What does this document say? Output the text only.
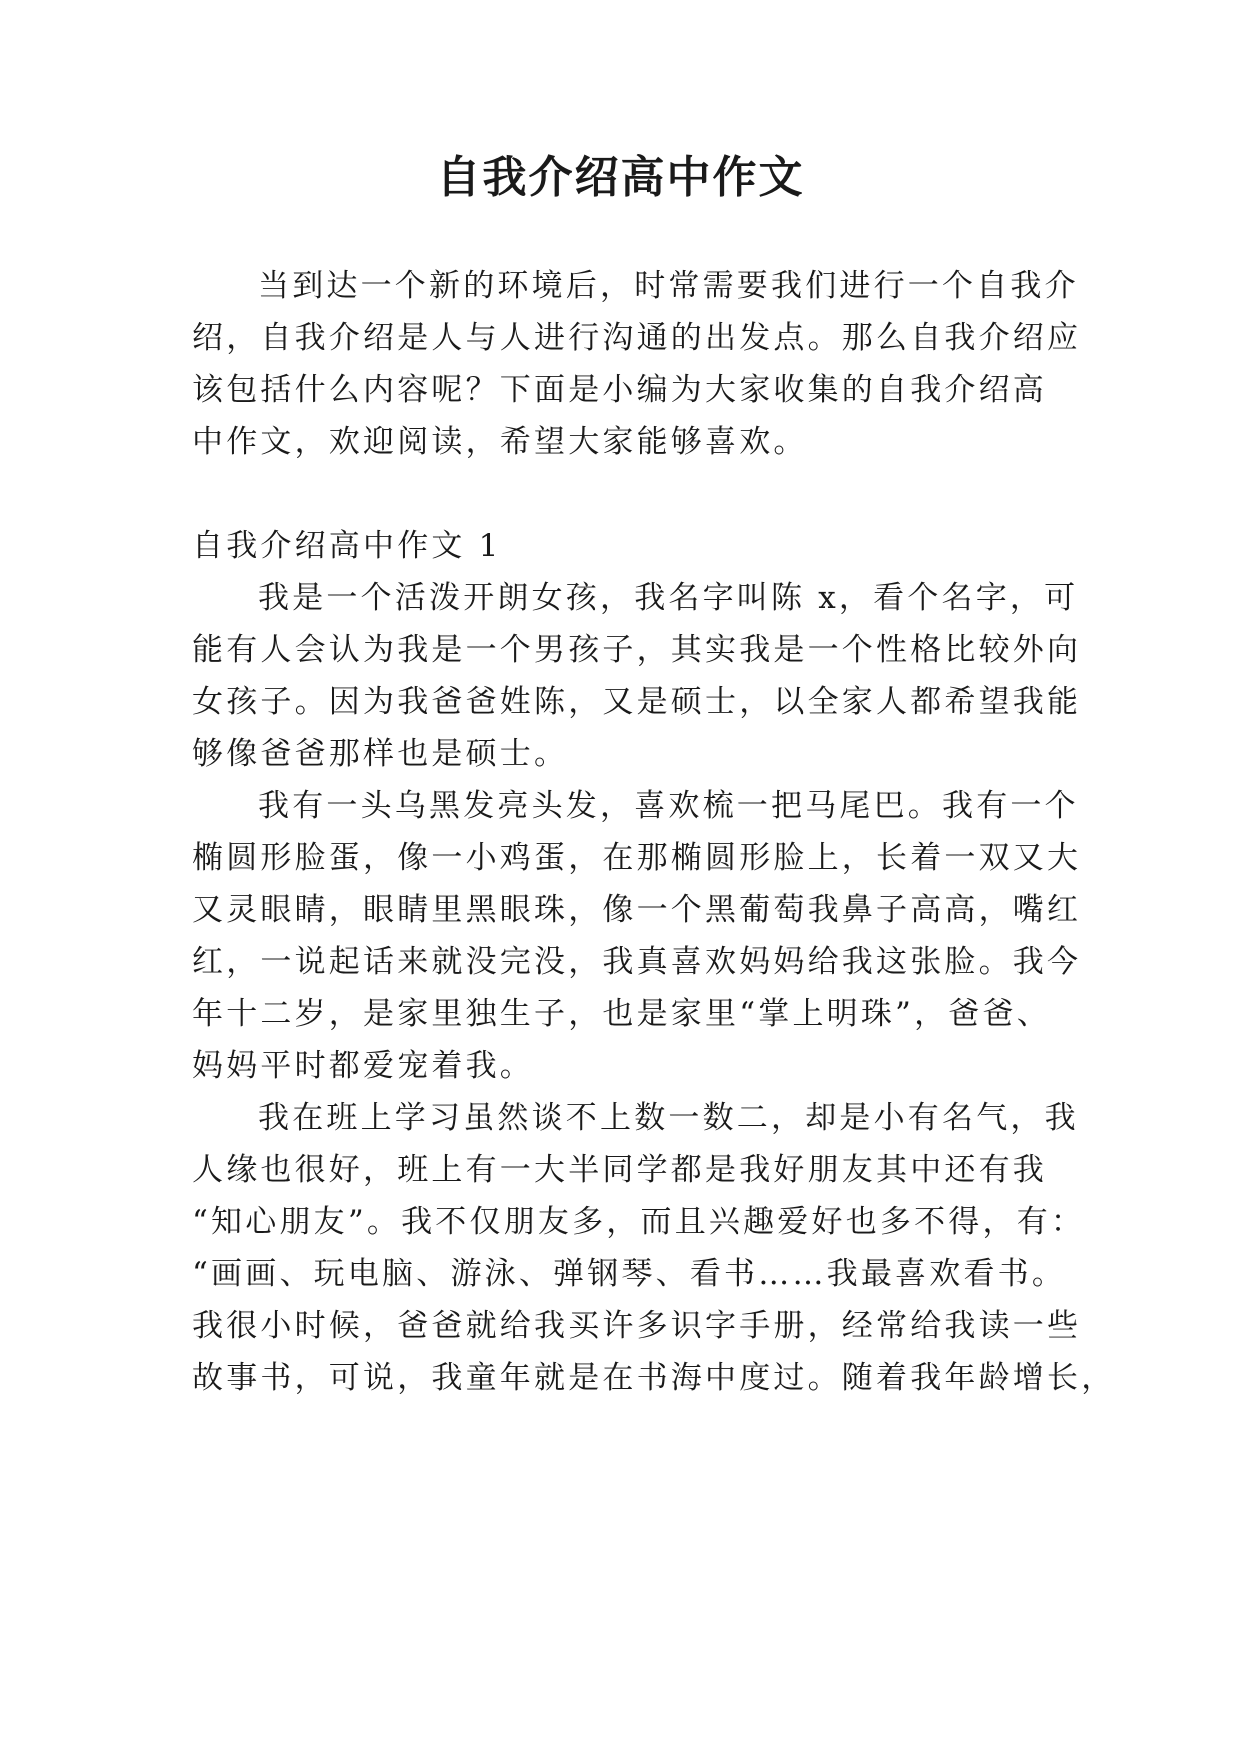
自我介绍高中作文

当到达一个新的环境后，时常需要我们进行一个自我介

绍，自我介绍是人与人进行沟通的出发点。那么自我介绍应

该包括什么内容呢？下面是小编为大家收集的自我介绍高

中作文，欢迎阅读，希望大家能够喜欢。

自我介绍高中作文 1

我是一个活泼开朗女孩，我名字叫陈 x，看个名字，可

能有人会认为我是一个男孩子，其实我是一个性格比较外向

女孩子。因为我爸爸姓陈，又是硕士，以全家人都希望我能

够像爸爸那样也是硕士。

我有一头乌黑发亮头发，喜欢梳一把马尾巴。我有一个

椭圆形脸蛋，像一小鸡蛋，在那椭圆形脸上，长着一双又大

又灵眼睛，眼睛里黑眼珠，像一个黑葡萄我鼻子高高，嘴红

红，一说起话来就没完没，我真喜欢妈妈给我这张脸。我今

年十二岁，是家里独生子，也是家里“掌上明珠”，爸爸、

妈妈平时都爱宠着我。

我在班上学习虽然谈不上数一数二，却是小有名气，我

人缘也很好，班上有一大半同学都是我好朋友其中还有我

“知心朋友”。我不仅朋友多，而且兴趣爱好也多不得，有：

“画画、玩电脑、游泳、弹钢琴、看书……我最喜欢看书。

我很小时候，爸爸就给我买许多识字手册，经常给我读一些

故事书，可说，我童年就是在书海中度过。随着我年龄增长，
